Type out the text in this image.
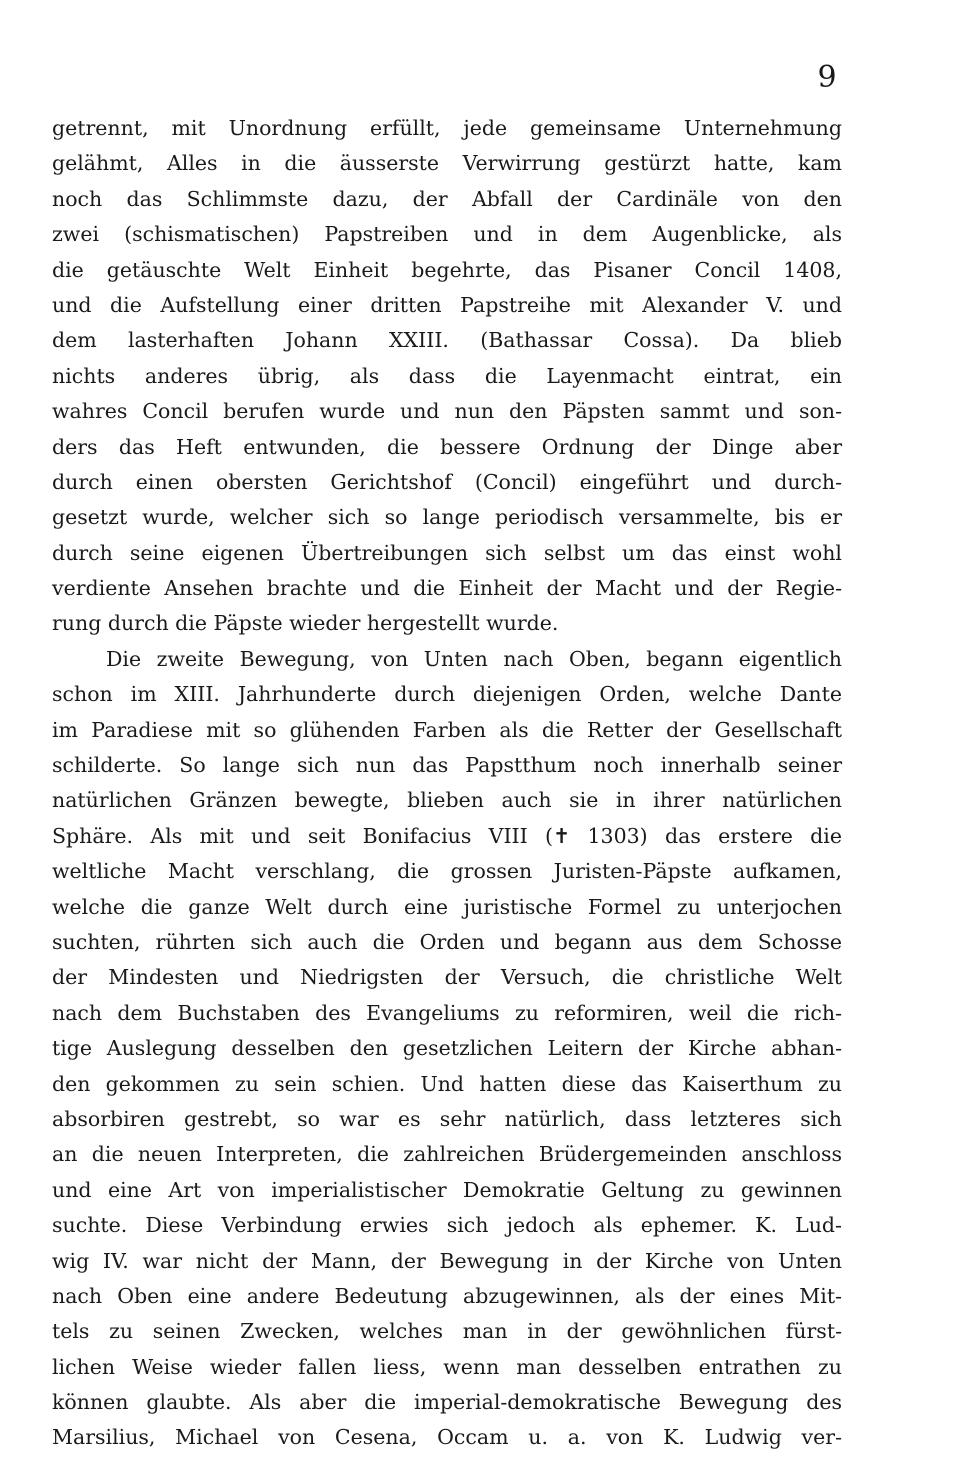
9
getrennt, mit Unordnung erfüllt, jede gemeinsame Unternehmung
gelähmt, Alles in die äusserste Verwirrung gestürzt hatte, kam
noch das Schlimmste dazu, der Abfall der Cardinäle von den
zwei (schismatischen) Papstreiben und in dem Augenblicke, als
die getäuschte Welt Einheit begehrte, das Pisaner Concil 1408,
und die Aufstellung einer dritten Papstreihe mit Alexander V. und
dem lasterhaften Johann XXIII. (Bathassar Cossa). Da blieb
nichts anderes übrig, als dass die Layenmacht eintrat, ein
wahres Concil berufen wurde und nun den Päpsten sammt und son-
ders das Heft entwunden, die bessere Ordnung der Dinge aber
durch einen obersten Gerichtshof (Concil) eingeführt und durch-
gesetzt wurde, welcher sich so lange periodisch versammelte, bis er
durch seine eigenen Übertreibungen sich selbst um das einst wohl
verdiente Ansehen brachte und die Einheit der Macht und der Regie-
rung durch die Päpste wieder hergestellt wurde.
Die zweite Bewegung, von Unten nach Oben, begann eigentlich
schon im XIII. Jahrhunderte durch diejenigen Orden, welche Dante
im Paradiese mit so glühenden Farben als die Retter der Gesellschaft
schilderte. So lange sich nun das Papstthum noch innerhalb seiner
natürlichen Gränzen bewegte, blieben auch sie in ihrer natürlichen
Sphäre. Als mit und seit Bonifacius VIII (✝ 1303) das erstere die
weltliche Macht verschlang, die grossen Juristen-Päpste aufkamen,
welche die ganze Welt durch eine juristische Formel zu unterjochen
suchten, rührten sich auch die Orden und begann aus dem Schosse
der Mindesten und Niedrigsten der Versuch, die christliche Welt
nach dem Buchstaben des Evangeliums zu reformiren, weil die rich-
tige Auslegung desselben den gesetzlichen Leitern der Kirche abhan-
den gekommen zu sein schien. Und hatten diese das Kaiserthum zu
absorbiren gestrebt, so war es sehr natürlich, dass letzteres sich
an die neuen Interpreten, die zahlreichen Brüdergemeinden anschloss
und eine Art von imperialistischer Demokratie Geltung zu gewinnen
suchte. Diese Verbindung erwies sich jedoch als ephemer. K. Lud-
wig IV. war nicht der Mann, der Bewegung in der Kirche von Unten
nach Oben eine andere Bedeutung abzugewinnen, als der eines Mit-
tels zu seinen Zwecken, welches man in der gewöhnlichen fürst-
lichen Weise wieder fallen liess, wenn man desselben entrathen zu
können glaubte. Als aber die imperial-demokratische Bewegung des
Marsilius, Michael von Cesena, Occam u. a. von K. Ludwig ver-
